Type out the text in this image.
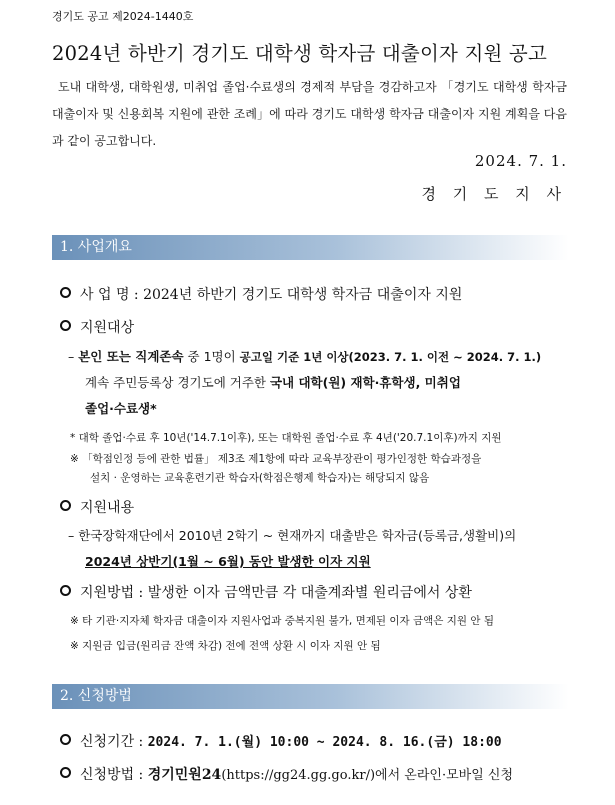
경기도 공고 제2024-1440호
2024년 하반기 경기도 대학생 학자금 대출이자 지원 공고
도내 대학생, 대학원생, 미취업 졸업·수료생의 경제적 부담을 경감하고자 「경기도 대학생 학자금 대출이자 및 신용회복 지원에 관한 조례」에 따라 경기도 대학생 학자금 대출이자 지원 계획을 다음과 같이 공고합니다.
2024. 7. 1.
경 기 도 지 사
1. 사업개요
사 업 명 : 2024년 하반기 경기도 대학생 학자금 대출이자 지원
지원대상
– 본인 또는 직계존속 중 1명이 공고일 기준 1년 이상(2023. 7. 1. 이전 ~ 2024. 7. 1.)
계속 주민등록상 경기도에 거주한 국내 대학(원) 재학·휴학생, 미취업
졸업·수료생*
* 대학 졸업·수료 후 10년('14.7.1이후), 또는 대학원 졸업·수료 후 4년('20.7.1이후)까지 지원
※ 「학점인정 등에 관한 법률」 제3조 제1항에 따라 교육부장관이 평가인정한 학습과정을
설치 · 운영하는 교육훈련기관 학습자(학점은행제 학습자)는 해당되지 않음
지원내용
– 한국장학재단에서 2010년 2학기 ~ 현재까지 대출받은 학자금(등록금,생활비)의
2024년 상반기(1월 ~ 6월) 동안 발생한 이자 지원
지원방법 : 발생한 이자 금액만큼 각 대출계좌별 원리금에서 상환
※ 타 기관·지자체 학자금 대출이자 지원사업과 중복지원 불가, 면제된 이자 금액은 지원 안 됨
※ 지원금 입금(원리금 잔액 차감) 전에 전액 상환 시 이자 지원 안 됨
2. 신청방법
신청기간 : 2024. 7. 1.(월) 10:00 ~ 2024. 8. 16.(금) 18:00
신청방법 : 경기민원24(https://gg24.gg.go.kr/)에서 온라인·모바일 신청
